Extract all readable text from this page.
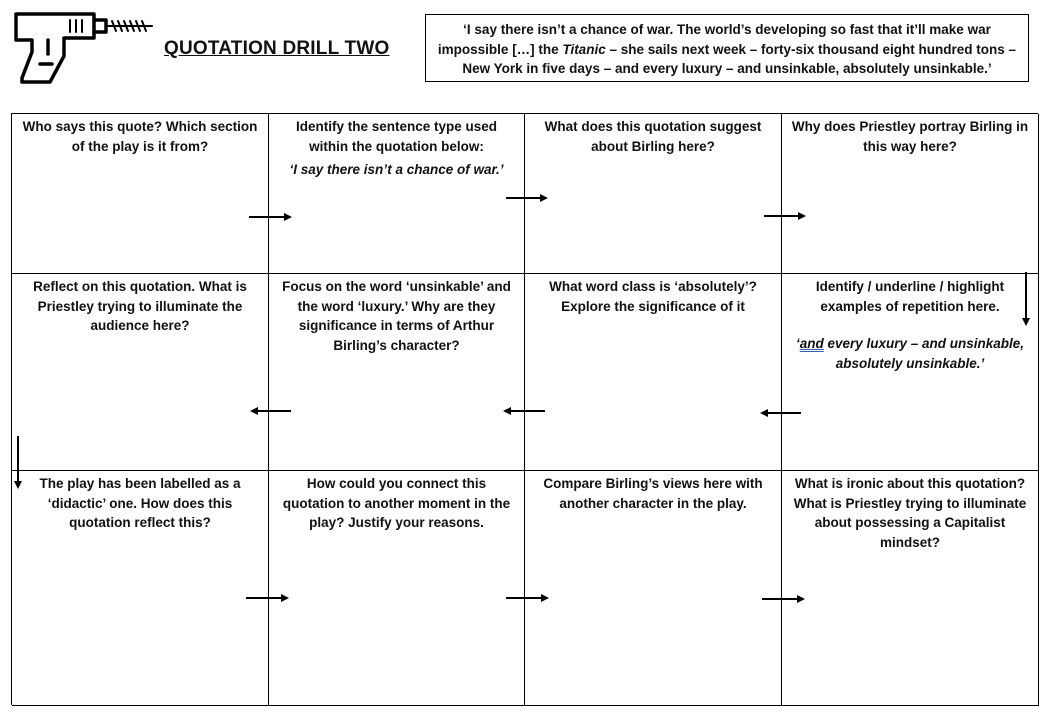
QUOTATION DRILL TWO
‘I say there isn’t a chance of war. The world’s developing so fast that it’ll make war impossible […] the Titanic – she sails next week – forty-six thousand eight hundred tons – New York in five days – and every luxury – and unsinkable, absolutely unsinkable.’
Who says this quote? Which section of the play is it from?
Identify the sentence type used within the quotation below:
‘I say there isn’t a chance of war.’
What does this quotation suggest about Birling here?
Why does Priestley portray Birling in this way here?
Reflect on this quotation. What is Priestley trying to illuminate the audience here?
Focus on the word ‘unsinkable’ and the word ‘luxury.’ Why are they significance in terms of Arthur Birling’s character?
What word class is ‘absolutely’? Explore the significance of it
Identify / underline / highlight examples of repetition here.
‘and every luxury – and unsinkable, absolutely unsinkable.’
The play has been labelled as a ‘didactic’ one. How does this quotation reflect this?
How could you connect this quotation to another moment in the play? Justify your reasons.
Compare Birling’s views here with another character in the play.
What is ironic about this quotation? What is Priestley trying to illuminate about possessing a Capitalist mindset?
